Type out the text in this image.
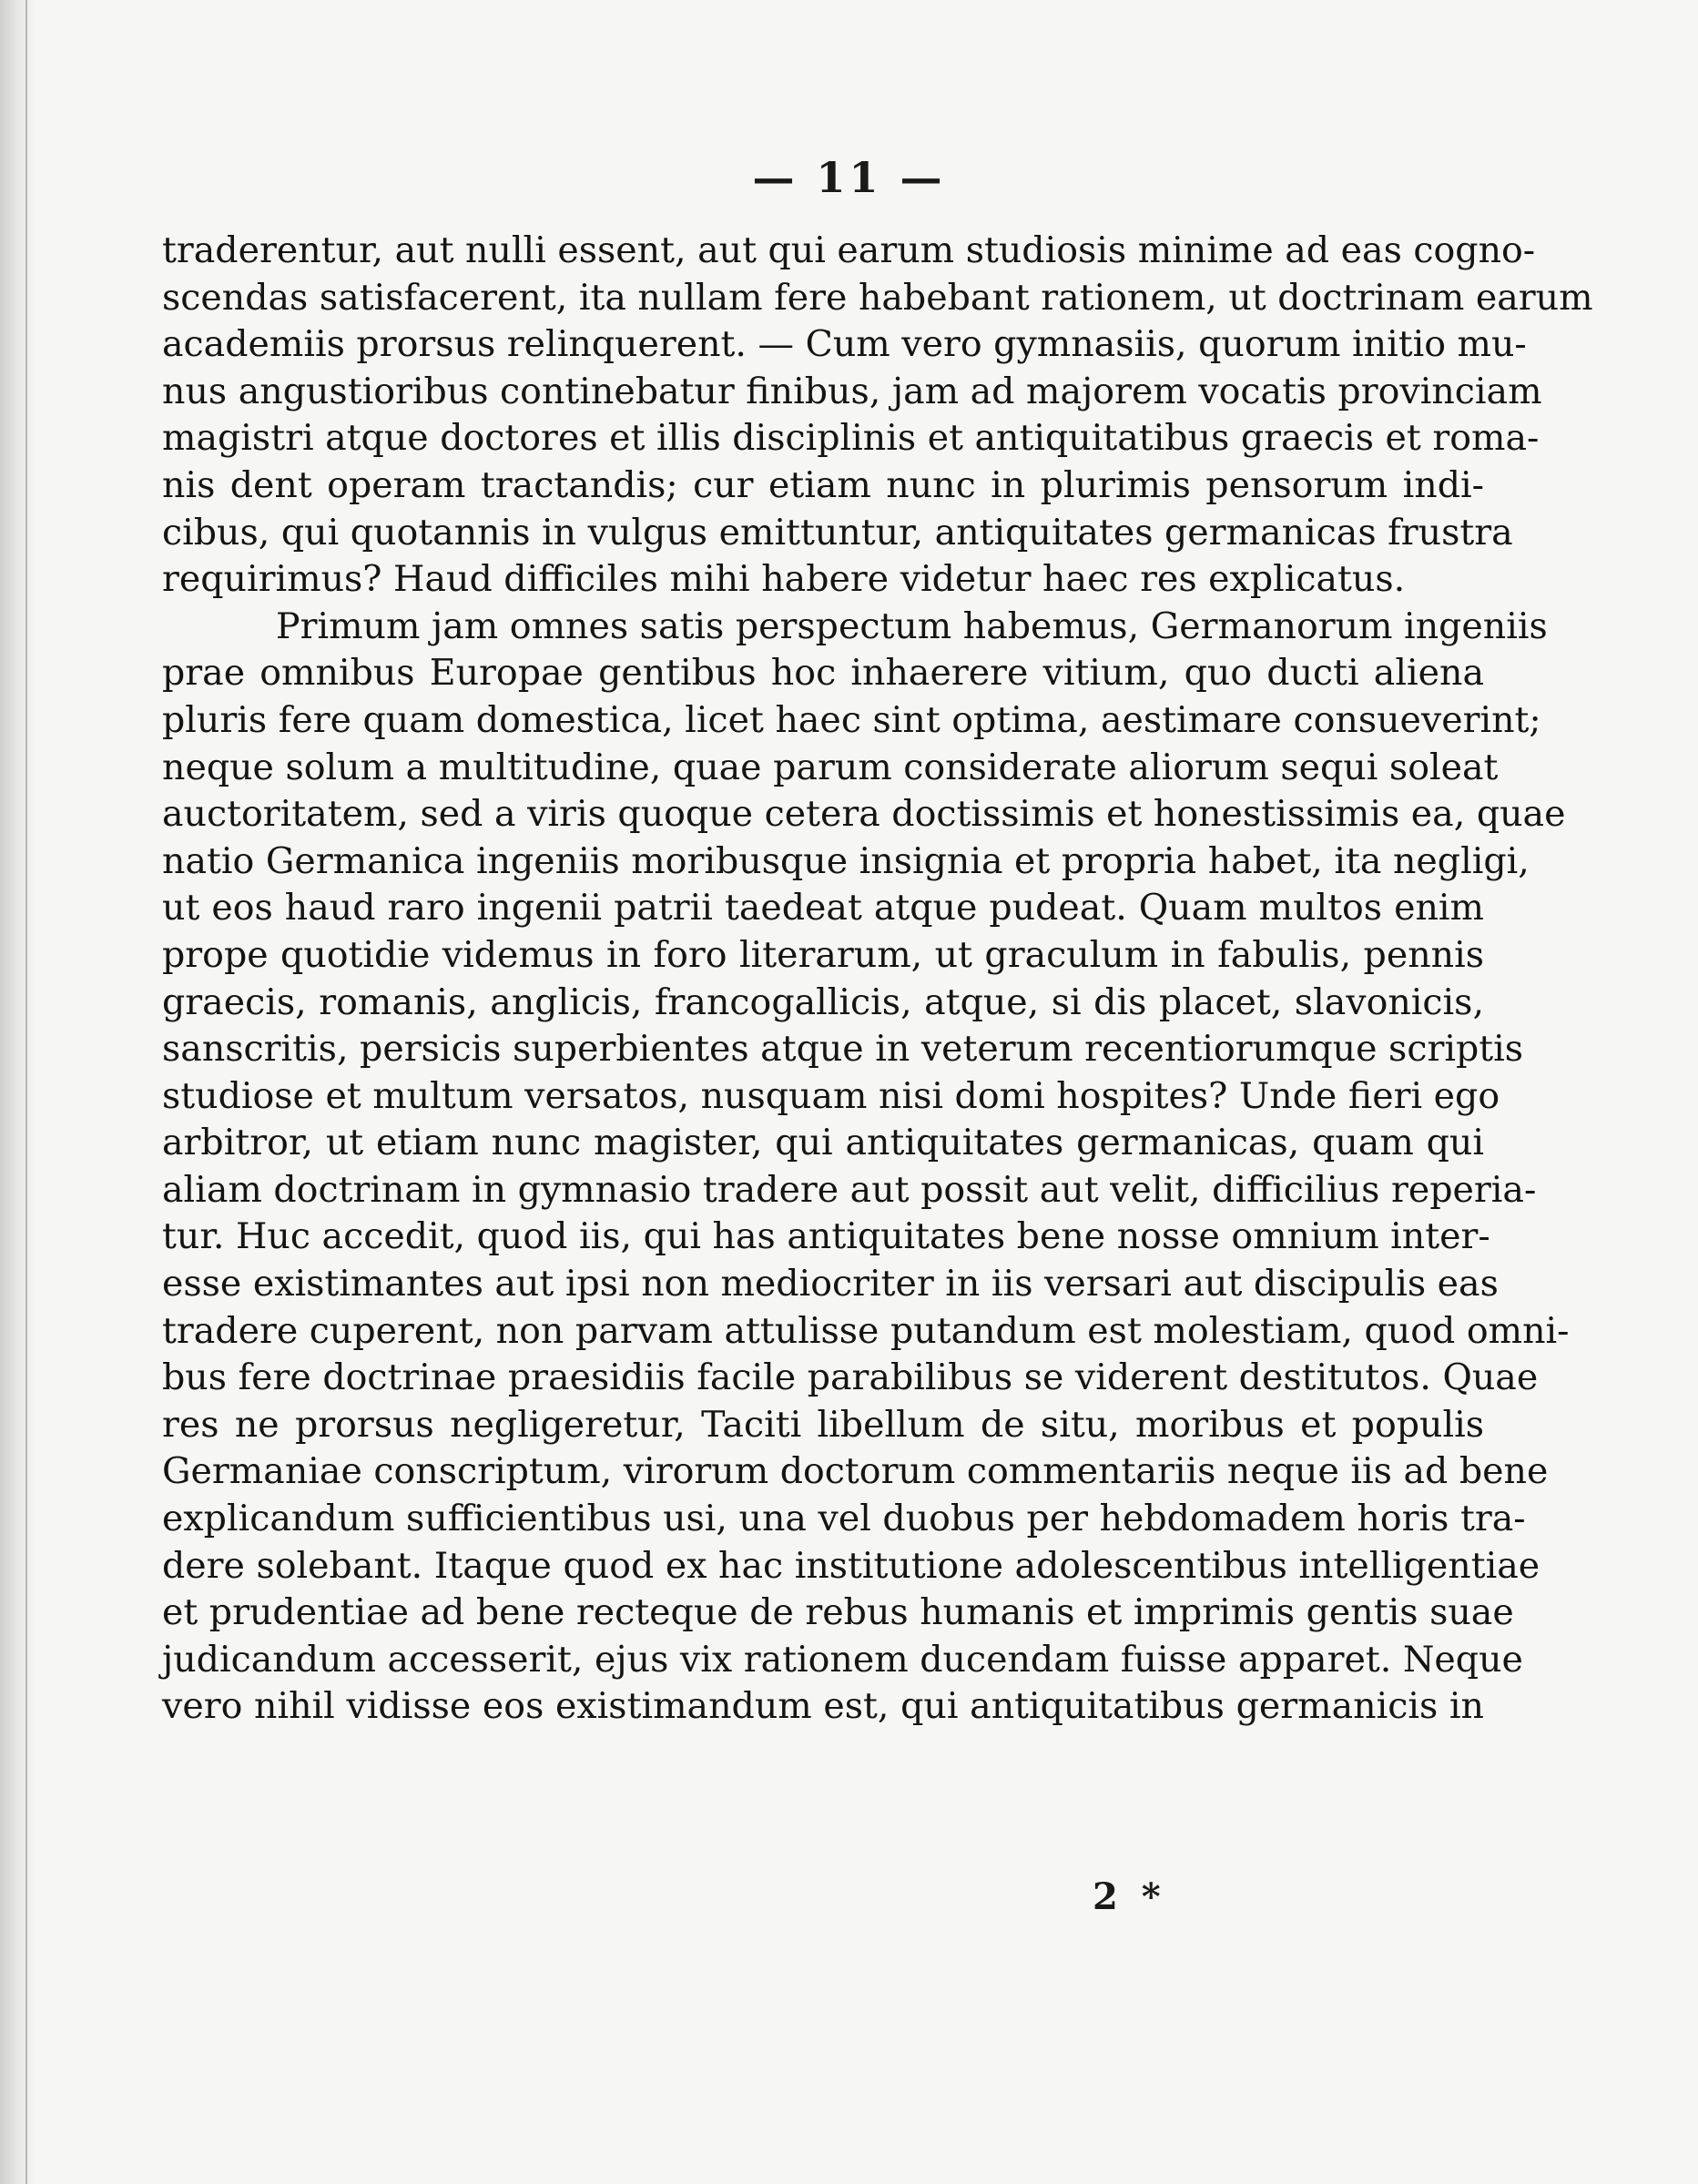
— 11 —
traderentur, aut nulli essent, aut qui earum studiosis minime ad eas cogno-
scendas satisfacerent, ita nullam fere habebant rationem, ut doctrinam earum
academiis prorsus relinquerent. — Cum vero gymnasiis, quorum initio mu-
nus angustioribus continebatur finibus, jam ad majorem vocatis provinciam
magistri atque doctores et illis disciplinis et antiquitatibus graecis et roma-
nis dent operam tractandis; cur etiam nunc in plurimis pensorum indi-
cibus, qui quotannis in vulgus emittuntur, antiquitates germanicas frustra
requirimus? Haud difficiles mihi habere videtur haec res explicatus.
Primum jam omnes satis perspectum habemus, Germanorum ingeniis
prae omnibus Europae gentibus hoc inhaerere vitium, quo ducti aliena
pluris fere quam domestica, licet haec sint optima, aestimare consueverint;
neque solum a multitudine, quae parum considerate aliorum sequi soleat
auctoritatem, sed a viris quoque cetera doctissimis et honestissimis ea, quae
natio Germanica ingeniis moribusque insignia et propria habet, ita negligi,
ut eos haud raro ingenii patrii taedeat atque pudeat. Quam multos enim
prope quotidie videmus in foro literarum, ut graculum in fabulis, pennis
graecis, romanis, anglicis, francogallicis, atque, si dis placet, slavonicis,
sanscritis, persicis superbientes atque in veterum recentiorumque scriptis
studiose et multum versatos, nusquam nisi domi hospites? Unde fieri ego
arbitror, ut etiam nunc magister, qui antiquitates germanicas, quam qui
aliam doctrinam in gymnasio tradere aut possit aut velit, difficilius reperia-
tur. Huc accedit, quod iis, qui has antiquitates bene nosse omnium inter-
esse existimantes aut ipsi non mediocriter in iis versari aut discipulis eas
tradere cuperent, non parvam attulisse putandum est molestiam, quod omni-
bus fere doctrinae praesidiis facile parabilibus se viderent destitutos. Quae
res ne prorsus negligeretur, Taciti libellum de situ, moribus et populis
Germaniae conscriptum, virorum doctorum commentariis neque iis ad bene
explicandum sufficientibus usi, una vel duobus per hebdomadem horis tra-
dere solebant. Itaque quod ex hac institutione adolescentibus intelligentiae
et prudentiae ad bene recteque de rebus humanis et imprimis gentis suae
judicandum accesserit, ejus vix rationem ducendam fuisse apparet. Neque
vero nihil vidisse eos existimandum est, qui antiquitatibus germanicis in
2 *
